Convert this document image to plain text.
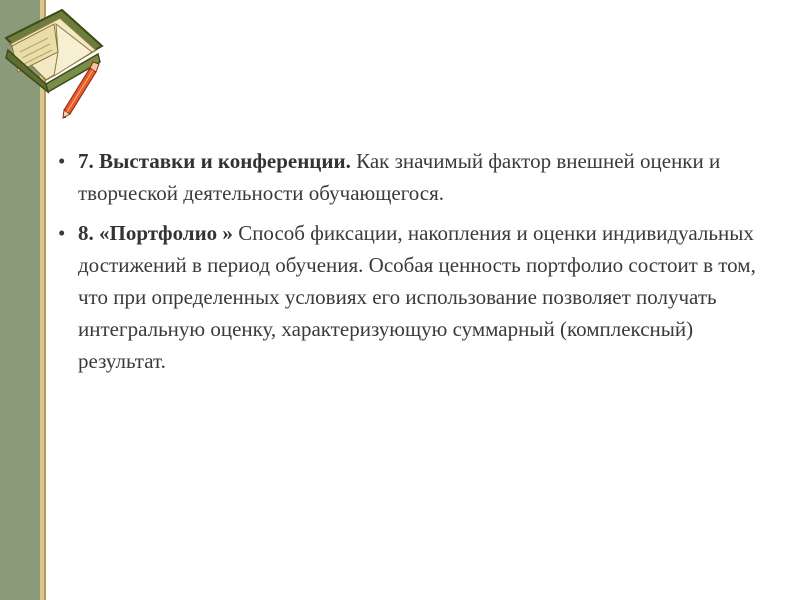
• 7. Выставки и конференции. Как значимый фактор внешней оценки и творческой деятельности обучающегося.
• 8. «Портфолио » Способ фиксации, накопления и оценки индивидуальных достижений в период обучения. Особая ценность портфолио состоит в том, что при определенных условиях его использование позволяет получать интегральную оценку, характеризующую суммарный (комплексный) результат.
